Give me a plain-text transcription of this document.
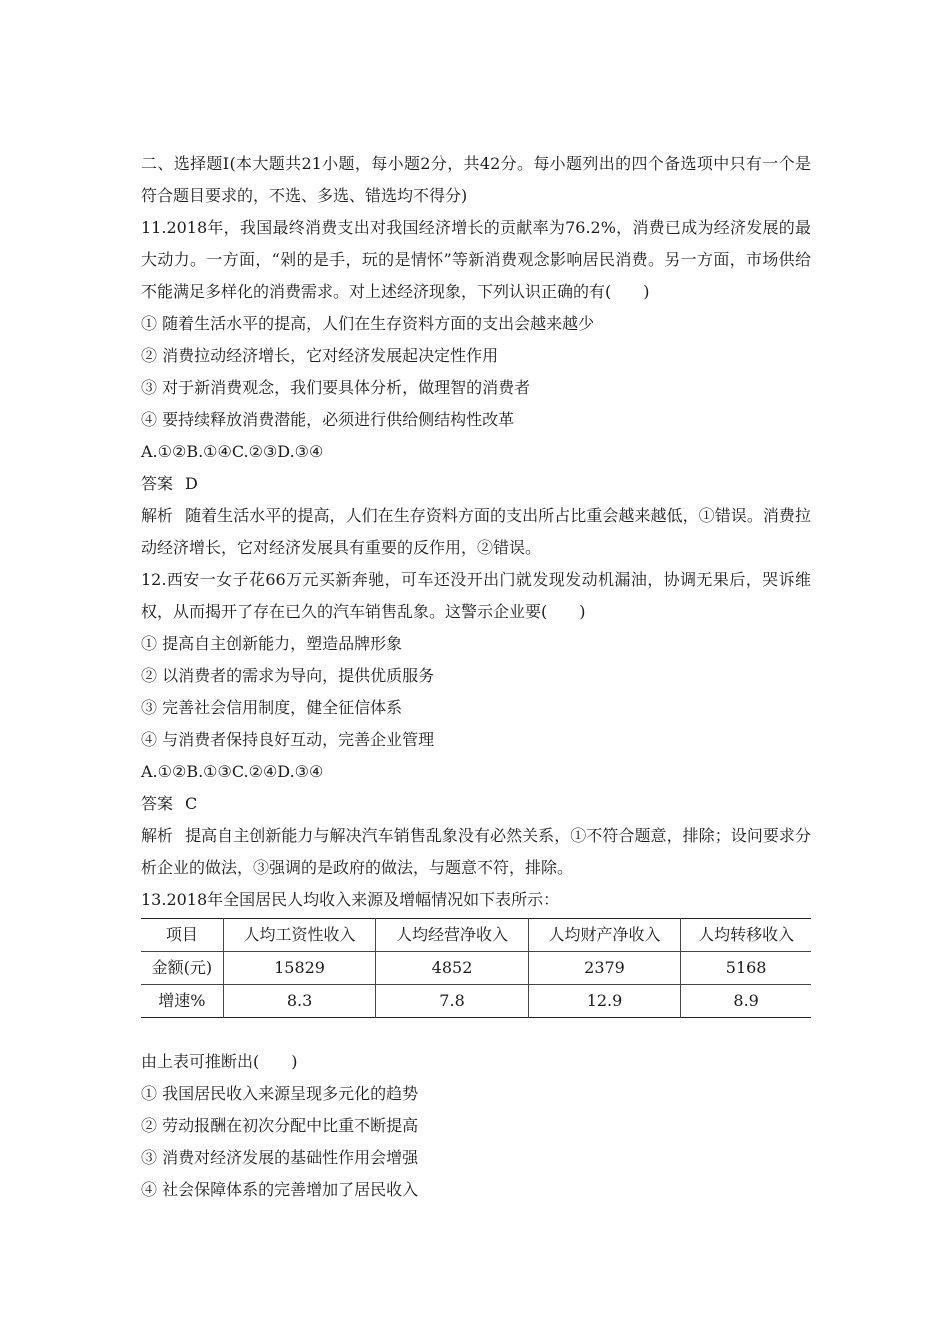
二、选择题Ⅰ(本大题共21小题，每小题2分，共42分。每小题列出的四个备选项中只有一个是符合题目要求的，不选、多选、错选均不得分)

11.2018年，我国最终消费支出对我国经济增长的贡献率为76.2%，消费已成为经济发展的最大动力。一方面，“剁的是手，玩的是情怀”等新消费观念影响居民消费。另一方面，市场供给不能满足多样化的消费需求。对上述经济现象，下列认识正确的有(　　)

① 随着生活水平的提高，人们在生存资料方面的支出会越来越少

② 消费拉动经济增长，它对经济发展起决定性作用

③ 对于新消费观念，我们要具体分析，做理智的消费者

④ 要持续释放消费潜能，必须进行供给侧结构性改革

A.①②B.①④C.②③D.③④

答案 D

解析 随着生活水平的提高，人们在生存资料方面的支出所占比重会越来越低，①错误。消费拉动经济增长，它对经济发展具有重要的反作用，②错误。

12.西安一女子花66万元买新奔驰，可车还没开出门就发现发动机漏油，协调无果后，哭诉维权，从而揭开了存在已久的汽车销售乱象。这警示企业要(　　)

① 提高自主创新能力，塑造品牌形象

② 以消费者的需求为导向，提供优质服务

③ 完善社会信用制度，健全征信体系

④ 与消费者保持良好互动，完善企业管理

A.①②B.①③C.②④D.③④

答案 C

解析 提高自主创新能力与解决汽车销售乱象没有必然关系，①不符合题意，排除；设问要求分析企业的做法，③强调的是政府的做法，与题意不符，排除。

13.2018年全国居民人均收入来源及增幅情况如下表所示：

项目	人均工资性收入	人均经营净收入	人均财产净收入	人均转移收入
金额(元)	15829	4852	2379	5168
增速%	8.3	7.8	12.9	8.9

由上表可推断出(　　)

① 我国居民收入来源呈现多元化的趋势

② 劳动报酬在初次分配中比重不断提高

③ 消费对经济发展的基础性作用会增强

④ 社会保障体系的完善增加了居民收入
